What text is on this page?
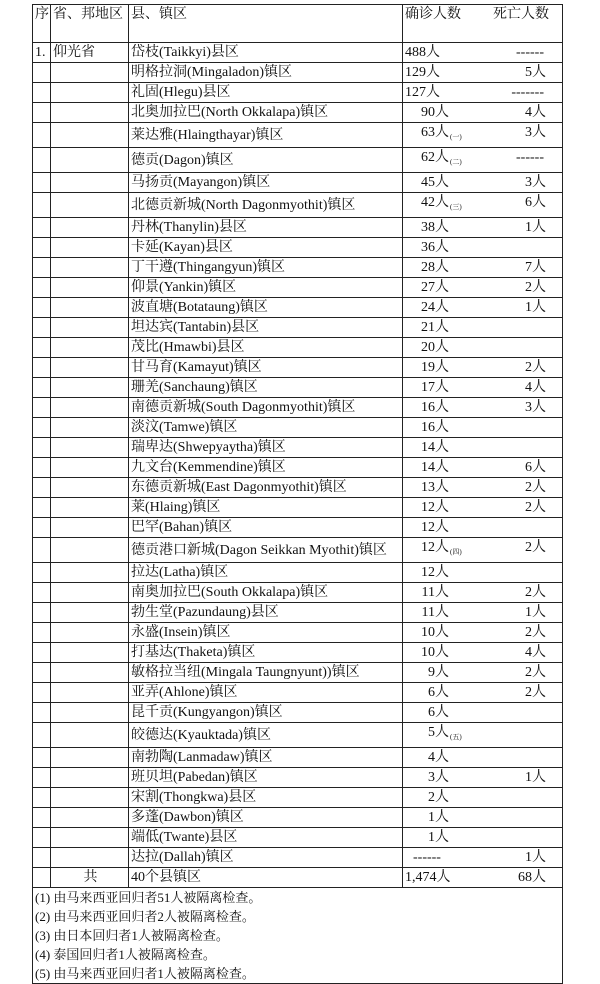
序	省、邦地区	县、镇区	确诊人数 死亡人数

1.	仰光省	岱枝(Taikkyi)县区	488人 ------

		明格拉洞(Mingaladon)镇区	129人 5人

		礼固(Hlegu)县区	127人 -------

		北奥加拉巴(North Okkalapa)镇区	90人 4人

		莱达雅(Hlaingthayar)镇区	63人$_{(一)}$ 3人

		德贡(Dagon)镇区	62人$_{(二)}$ ------

		马扬贡(Mayangon)镇区	45人 3人

		北德贡新城(North Dagonmyothit)镇区	42人$_{(三)}$ 6人

		丹林(Thanylin)县区	38人 1人

		卡延(Kayan)县区	36人

		丁干遵(Thingangyun)镇区	28人 7人

		仰景(Yankin)镇区	27人 2人

		波直塘(Botataung)镇区	24人 1人

		坦达宾(Tantabin)县区	21人

		茂比(Hmawbi)县区	20人

		甘马育(Kamayut)镇区	19人 2人

		珊羌(Sanchaung)镇区	17人 4人

		南德贡新城(South Dagonmyothit)镇区	16人 3人

		淡汶(Tamwe)镇区	16人

		瑞卑达(Shwepyaytha)镇区	14人

		九文台(Kemmendine)镇区	14人 6人

		东德贡新城(East Dagonmyothit)镇区	13人 2人

		莱(Hlaing)镇区	12人 2人

		巴罕(Bahan)镇区	12人

		德贡港口新城(Dagon Seikkan Myothit)镇区	12人$_{(四)}$ 2人

		拉达(Latha)镇区	12人

		南奥加拉巴(South Okkalapa)镇区	11人 2人

		勃生堂(Pazundaung)县区	11人 1人

		永盛(Insein)镇区	10人 2人

		打基达(Thaketa)镇区	10人 4人

		敏格拉当纽(Mingala Taungnyunt))镇区	9人 2人

		亚弄(Ahlone)镇区	6人 2人

		昆千贡(Kungyangon)镇区	6人

		皎德达(Kyauktada)镇区	5人$_{(五)}$

		南勃陶(Lanmadaw)镇区	4人

		班贝坦(Pabedan)镇区	3人 1人

		宋割(Thongkwa)县区	2人

		多蓬(Dawbon)镇区	1人

		端低(Twante)县区	1人

		达拉(Dallah)镇区	------ 1人

	共	40个县镇区	1,474人 68人

(1) 由马来西亚回归者51人被隔离检查。
(2) 由马来西亚回归者2人被隔离检查。
(3) 由日本回归者1人被隔离检查。
(4) 泰国回归者1人被隔离检查。
(5) 由马来西亚回归者1人被隔离检查。			
